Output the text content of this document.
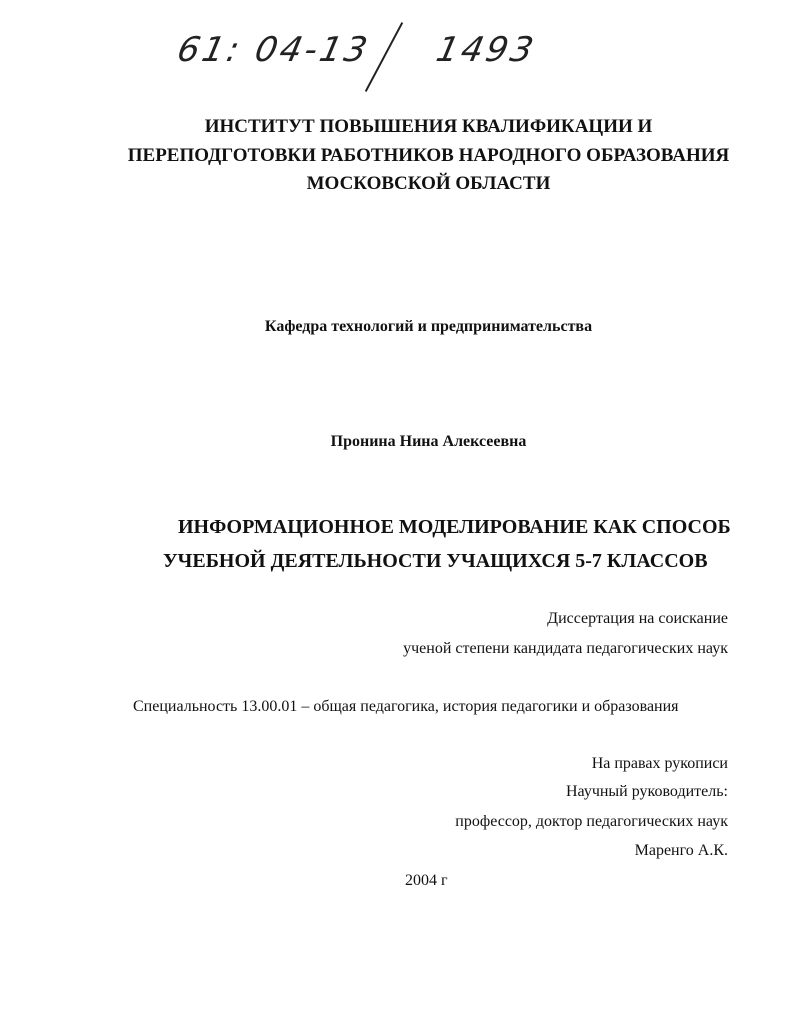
61: 04-13 1493
ИНСТИТУТ ПОВЫШЕНИЯ КВАЛИФИКАЦИИ И
ПЕРЕПОДГОТОВКИ РАБОТНИКОВ НАРОДНОГО ОБРАЗОВАНИЯ
МОСКОВСКОЙ ОБЛАСТИ
Кафедра технологий и предпринимательства
Пронина Нина Алексеевна
ИНФОРМАЦИОННОЕ МОДЕЛИРОВАНИЕ КАК СПОСОБ
УЧЕБНОЙ ДЕЯТЕЛЬНОСТИ УЧАЩИХСЯ 5-7 КЛАССОВ
Диссертация на соискание
ученой степени кандидата педагогических наук
Специальность 13.00.01 – общая педагогика, история педагогики и образования
На правах рукописи
Научный руководитель:
профессор, доктор педагогических наук
Маренго А.К.
2004 г
